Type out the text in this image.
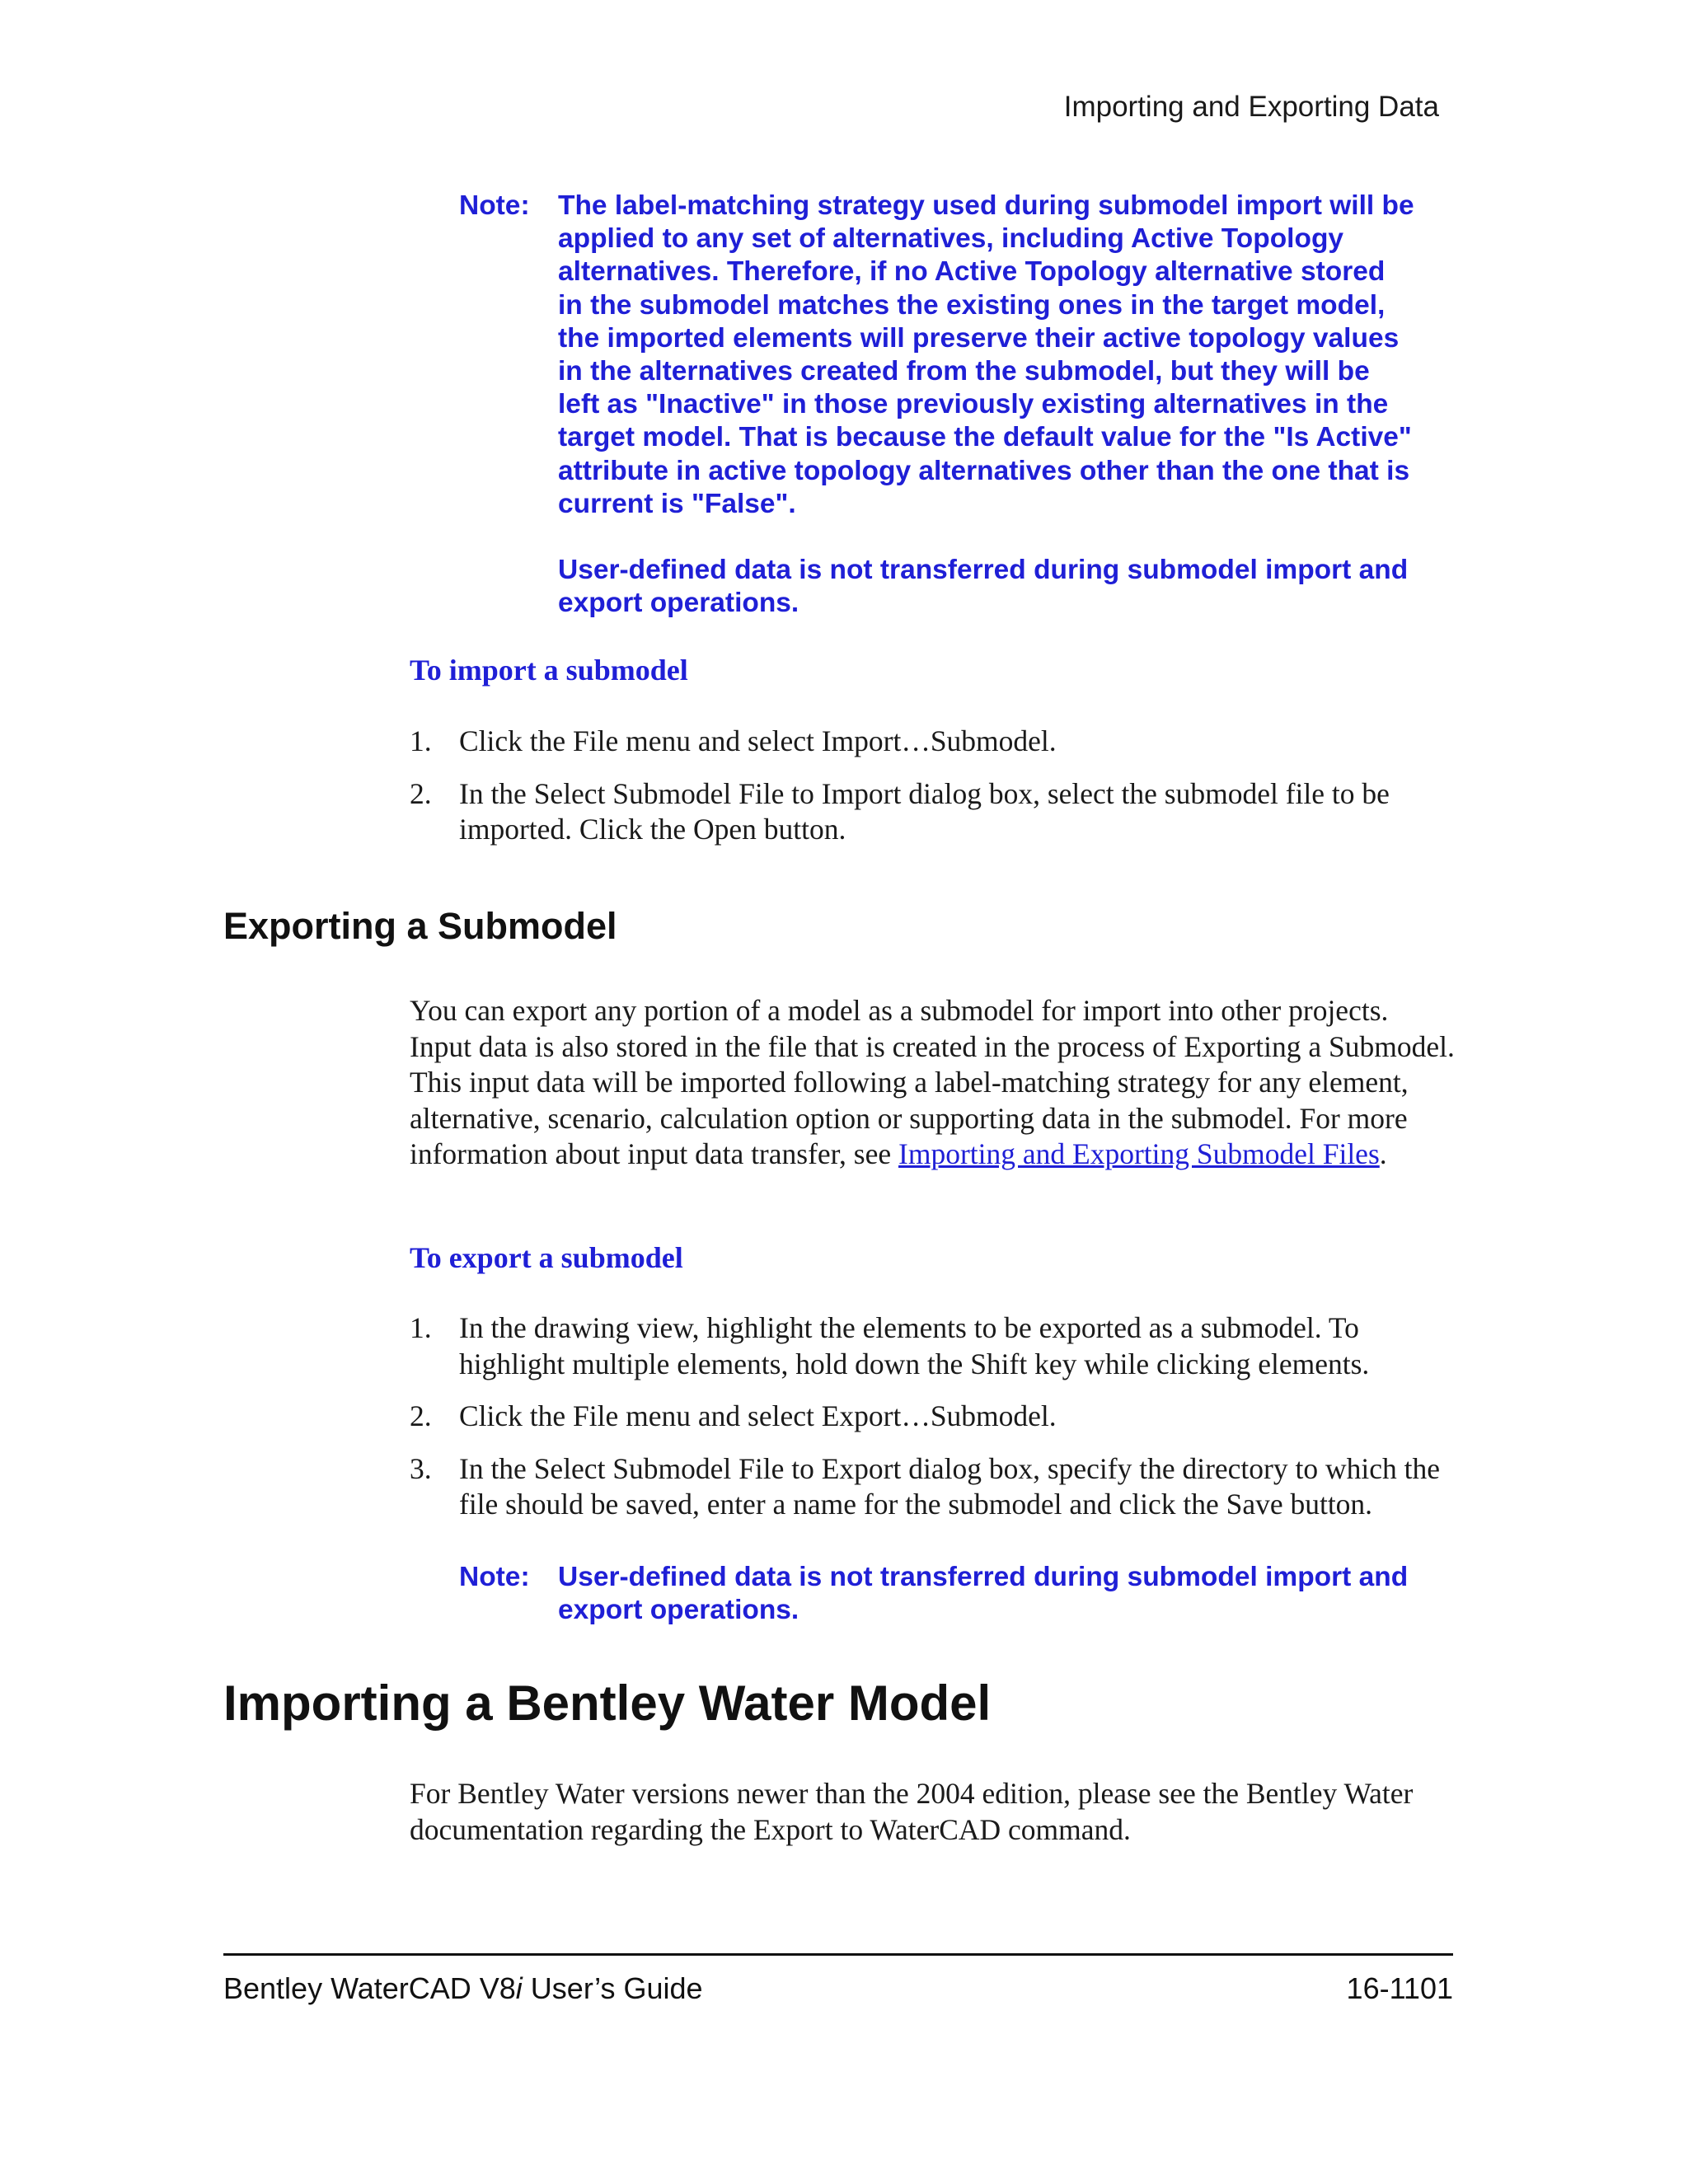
Importing and Exporting Data
Note:	The label-matching strategy used during submodel import will be applied to any set of alternatives, including Active Topology alternatives. Therefore, if no Active Topology alternative stored in the submodel matches the existing ones in the target model, the imported elements will preserve their active topology values in the alternatives created from the submodel, but they will be left as "Inactive" in those previously existing alternatives in the target model. That is because the default value for the "Is Active" attribute in active topology alternatives other than the one that is current is "False".

User-defined data is not transferred during submodel import and export operations.

To import a submodel
1. Click the File menu and select Import…Submodel.
2. In the Select Submodel File to Import dialog box, select the submodel file to be imported. Click the Open button.
Exporting a Submodel

You can export any portion of a model as a submodel for import into other projects. Input data is also stored in the file that is created in the process of Exporting a Submodel. This input data will be imported following a label-matching strategy for any element, alternative, scenario, calculation option or supporting data in the submodel. For more information about input data transfer, see Importing and Exporting Submodel Files.

To export a submodel
1. In the drawing view, highlight the elements to be exported as a submodel. To highlight multiple elements, hold down the Shift key while clicking elements.
2. Click the File menu and select Export…Submodel.
3. In the Select Submodel File to Export dialog box, specify the directory to which the file should be saved, enter a name for the submodel and click the Save button.
Note:	User-defined data is not transferred during submodel import and export operations.

Importing a Bentley Water Model

For Bentley Water versions newer than the 2004 edition, please see the Bentley Water documentation regarding the Export to WaterCAD command.

Bentley WaterCAD V8i User’s Guide	16-1101
